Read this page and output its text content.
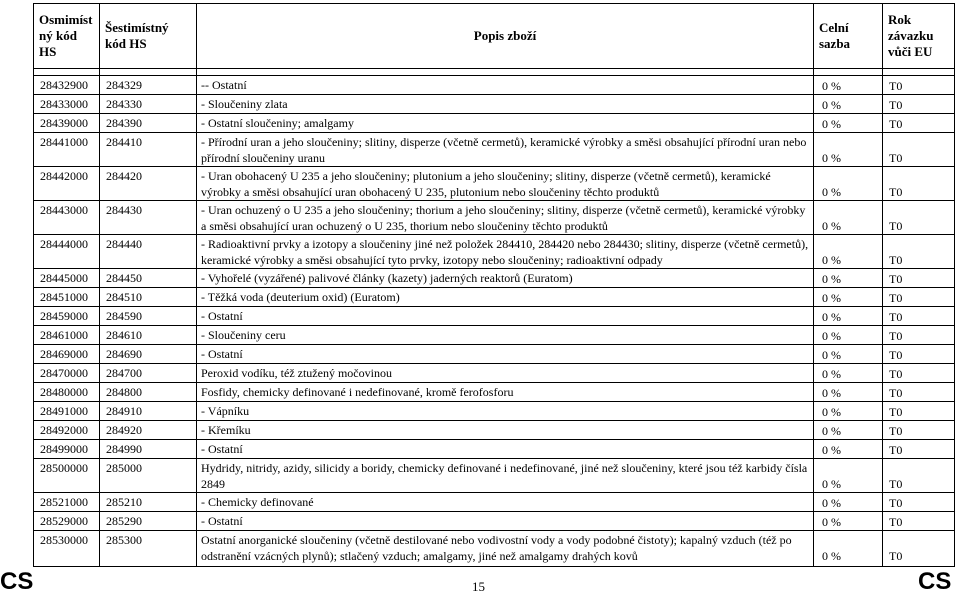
Osmimíst ný kód HS	Šestimístný kód HS	Popis zboží	Celní sazba	Rok závazku vůči EU

28432900	284329	-- Ostatní	0 %	T0
28433000	284330	- Sloučeniny zlata	0 %	T0
28439000	284390	- Ostatní sloučeniny; amalgamy	0 %	T0
28441000	284410	- Přírodní uran a jeho sloučeniny; slitiny, disperze (včetně cermetů), keramické výrobky a směsi obsahující přírodní uran nebo přírodní sloučeniny uranu	0 %	T0
28442000	284420	- Uran obohacený U 235 a jeho sloučeniny; plutonium a jeho sloučeniny; slitiny, disperze (včetně cermetů), keramické výrobky a směsi obsahující uran obohacený U 235, plutonium nebo sloučeniny těchto produktů	0 %	T0
28443000	284430	- Uran ochuzený o U 235 a jeho sloučeniny; thorium a jeho sloučeniny; slitiny, disperze (včetně cermetů), keramické výrobky a směsi obsahující uran ochuzený o U 235, thorium nebo sloučeniny těchto produktů	0 %	T0
28444000	284440	- Radioaktivní prvky a izotopy a sloučeniny jiné než položek 284410, 284420 nebo 284430; slitiny, disperze (včetně cermetů), keramické výrobky a směsi obsahující tyto prvky, izotopy nebo sloučeniny; radioaktivní odpady	0 %	T0
28445000	284450	- Vyhořelé (vyzářené) palivové články (kazety) jaderných reaktorů (Euratom)	0 %	T0
28451000	284510	- Těžká voda (deuterium oxid) (Euratom)	0 %	T0
28459000	284590	- Ostatní	0 %	T0
28461000	284610	- Sloučeniny ceru	0 %	T0
28469000	284690	- Ostatní	0 %	T0
28470000	284700	Peroxid vodíku, též ztužený močovinou	0 %	T0
28480000	284800	Fosfidy, chemicky definované i nedefinované, kromě ferofosforu	0 %	T0
28491000	284910	- Vápníku	0 %	T0
28492000	284920	- Křemíku	0 %	T0
28499000	284990	- Ostatní	0 %	T0
28500000	285000	Hydridy, nitridy, azidy, silicidy a boridy, chemicky definované i nedefinované, jiné než sloučeniny, které jsou též karbidy čísla 2849	0 %	T0
28521000	285210	- Chemicky definované	0 %	T0
28529000	285290	- Ostatní	0 %	T0
28530000	285300	Ostatní anorganické sloučeniny (včetně destilované nebo vodivostní vody a vody podobné čistoty); kapalný vzduch (též po odstranění vzácných plynů); stlačený vzduch; amalgamy, jiné než amalgamy drahých kovů	0 %	T0
CS	15	CS
